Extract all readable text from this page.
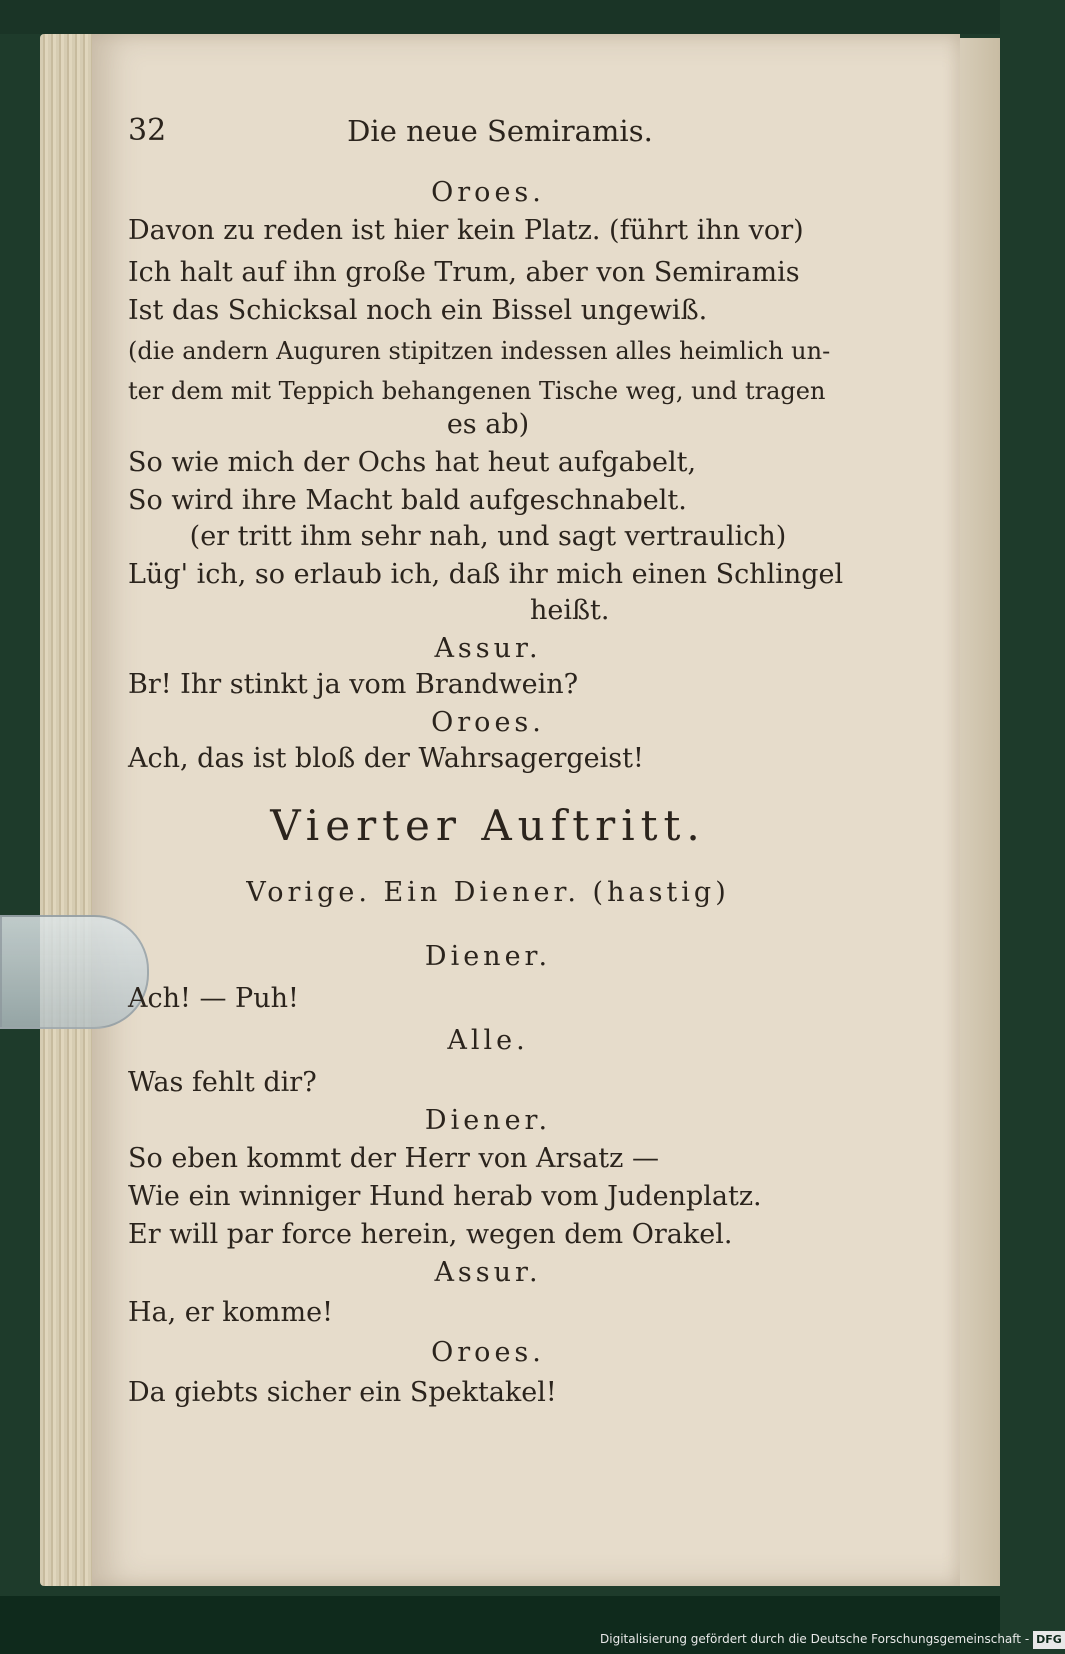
32	Die neue Semiramis.
Oroes.
Davon zu reden ist hier kein Platz. (führt ihn vor)
Ich halt auf ihn große Trum, aber von Semiramis
Ist das Schicksal noch ein Bissel ungewiß.
(die andern Auguren stipitzen indessen alles heimlich un-
ter dem mit Teppich behangenen Tische weg, und tragen
es ab)
So wie mich der Ochs hat heut aufgabelt,
So wird ihre Macht bald aufgeschnabelt.
(er tritt ihm sehr nah, und sagt vertraulich)
Lüg' ich, so erlaub ich, daß ihr mich einen Schlingel
heißt.
Assur.
Br! Ihr stinkt ja vom Brandwein?
Oroes.
Ach, das ist bloß der Wahrsagergeist!
Vierter Auftritt.
Vorige. Ein Diener. (hastig)
Diener.
Ach! — Puh!
Alle.
Was fehlt dir?
Diener.
So eben kommt der Herr von Arsatz —
Wie ein winniger Hund herab vom Judenplatz.
Er will par force herein, wegen dem Orakel.
Assur.
Ha, er komme!
Oroes.
Da giebts sicher ein Spektakel!
Digitalisierung gefördert durch die Deutsche Forschungsgemeinschaft - DFG
